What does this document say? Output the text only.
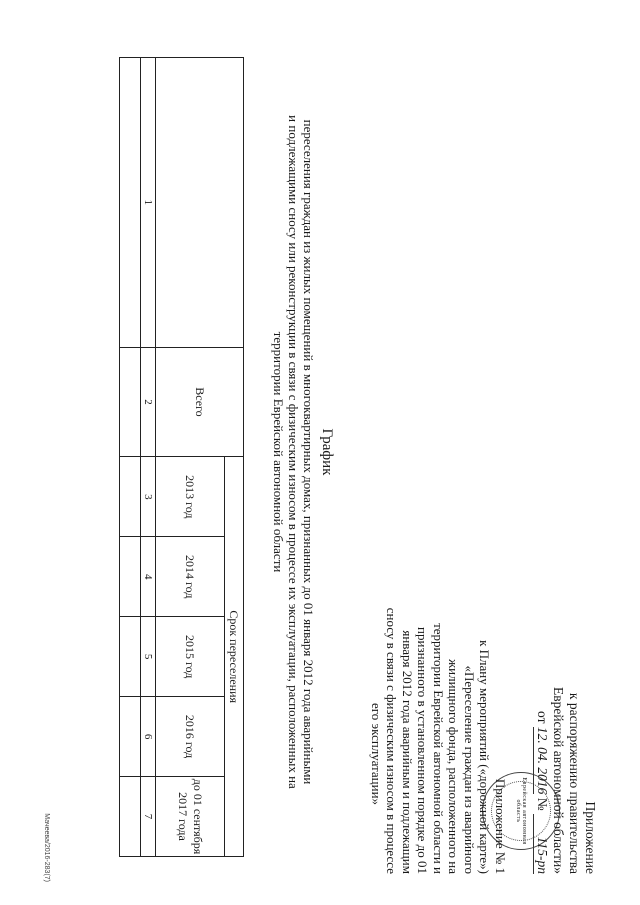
Еврейская автономная область	Приложение
к распоряжению правительства
Еврейской автономной области»
от 12. 04. 2016 № 115-рп
Приложение № 1
к Плану мероприятий («дорожной карте»)
«Переселение граждан из аварийного
жилищного фонда, расположенного на
территории Еврейской автономной области и
признанного в установленном порядке до 01
января 2012 года аварийным и подлежащим
сносу в связи с физическим износом в процессе
его эксплуатации»
График
переселения граждан из жилых помещений в многоквартирных домах, признанных до 01 января 2012 года аварийными
и подлежащими сносу или реконструкции в связи с физическим износом в процессе их эксплуатации, расположенных на
территории Еврейской автономной области
	Всего	Срок переселения				
		2013 год	2014 год	2015 год	2016 год	до 01 сентября 2017 года
1	2	3	4	5	6	7

Мачеева/2016-283(7)
